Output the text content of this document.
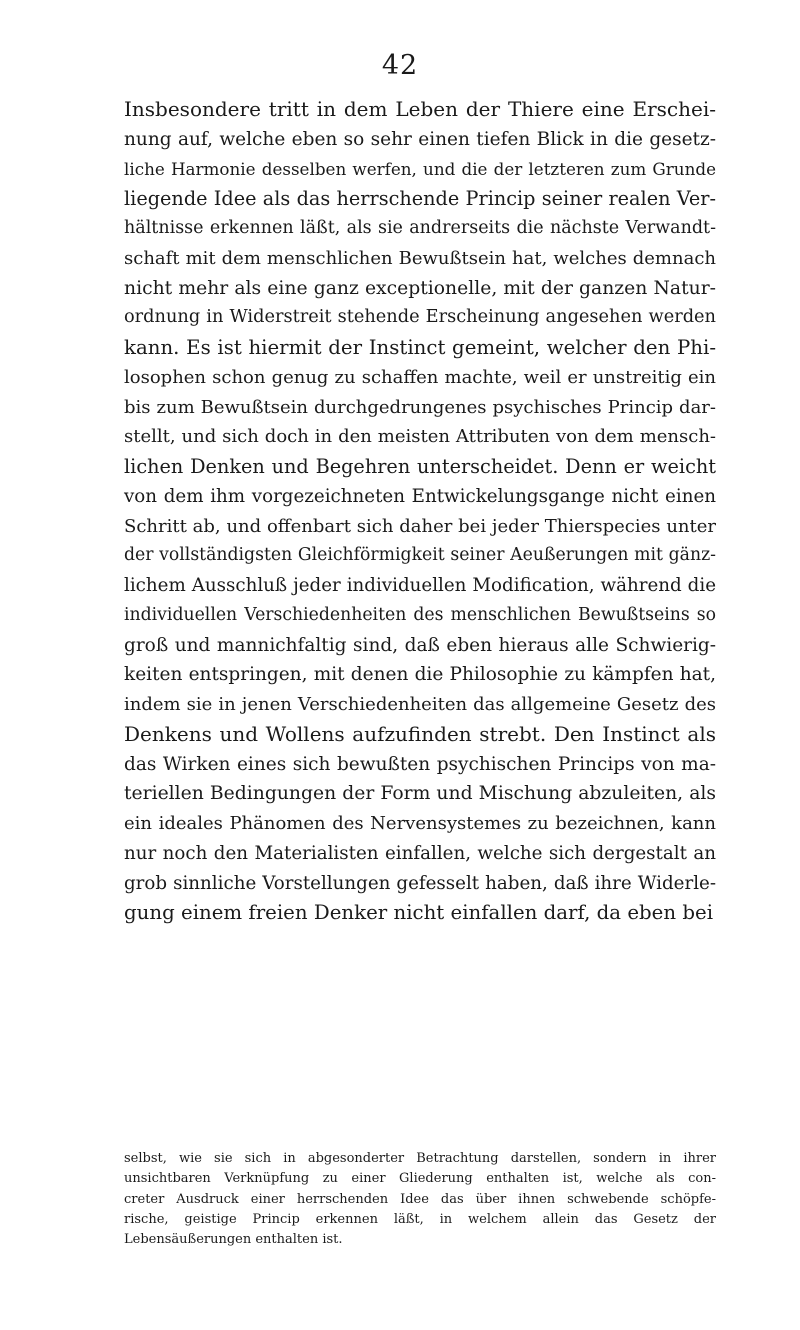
42
Insbesondere tritt in dem Leben der Thiere eine Erschei-
nung auf, welche eben so sehr einen tiefen Blick in die gesetz-
liche Harmonie desselben werfen, und die der letzteren zum Grunde
liegende Idee als das herrschende Princip seiner realen Ver-
hältnisse erkennen läßt, als sie andrerseits die nächste Verwandt-
schaft mit dem menschlichen Bewußtsein hat, welches demnach
nicht mehr als eine ganz exceptionelle, mit der ganzen Natur-
ordnung in Widerstreit stehende Erscheinung angesehen werden
kann. Es ist hiermit der Instinct gemeint, welcher den Phi-
losophen schon genug zu schaffen machte, weil er unstreitig ein
bis zum Bewußtsein durchgedrungenes psychisches Princip dar-
stellt, und sich doch in den meisten Attributen von dem mensch-
lichen Denken und Begehren unterscheidet. Denn er weicht
von dem ihm vorgezeichneten Entwickelungsgange nicht einen
Schritt ab, und offenbart sich daher bei jeder Thierspecies unter
der vollständigsten Gleichförmigkeit seiner Aeußerungen mit gänz-
lichem Ausschluß jeder individuellen Modification, während die
individuellen Verschiedenheiten des menschlichen Bewußtseins so
groß und mannichfaltig sind, daß eben hieraus alle Schwierig-
keiten entspringen, mit denen die Philosophie zu kämpfen hat,
indem sie in jenen Verschiedenheiten das allgemeine Gesetz des
Denkens und Wollens aufzufinden strebt. Den Instinct als
das Wirken eines sich bewußten psychischen Princips von ma-
teriellen Bedingungen der Form und Mischung abzuleiten, als
ein ideales Phänomen des Nervensystemes zu bezeichnen, kann
nur noch den Materialisten einfallen, welche sich dergestalt an
grob sinnliche Vorstellungen gefesselt haben, daß ihre Widerle-
gung einem freien Denker nicht einfallen darf, da eben bei
selbst, wie sie sich in abgesonderter Betrachtung darstellen, sondern in ihrer
unsichtbaren Verknüpfung zu einer Gliederung enthalten ist, welche als con-
creter Ausdruck einer herrschenden Idee das über ihnen schwebende schöpfe-
rische, geistige Princip erkennen läßt, in welchem allein das Gesetz der
Lebensäußerungen enthalten ist.
